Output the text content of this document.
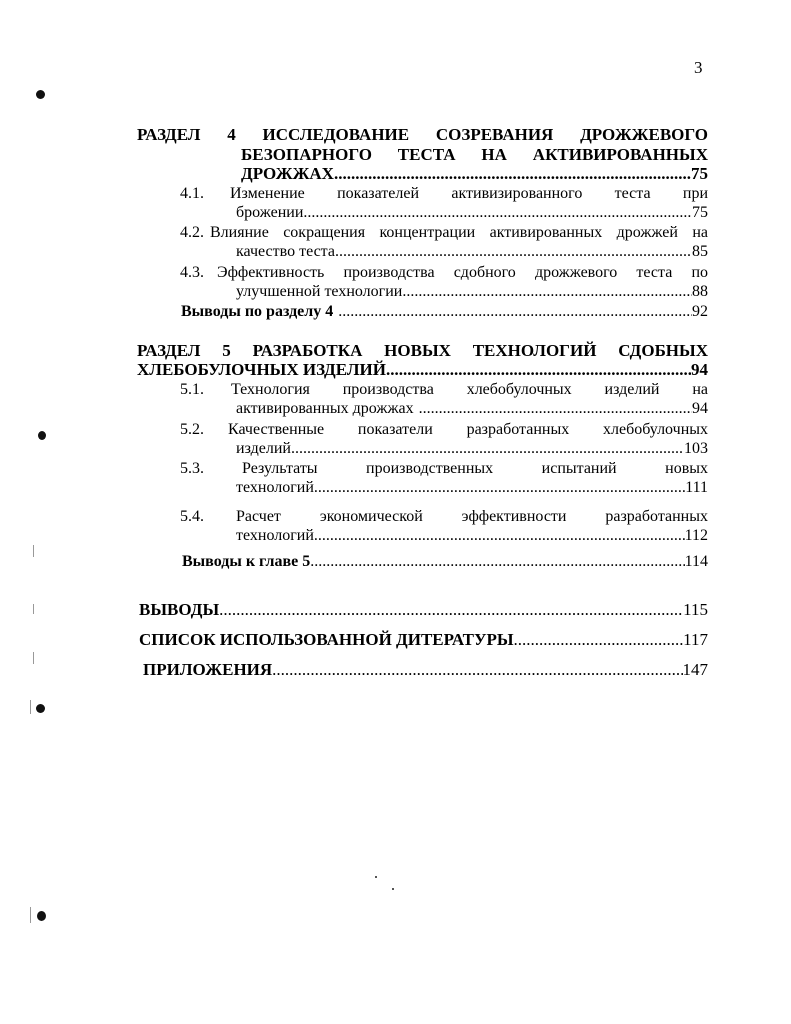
3
РАЗДЕЛ 4 ИССЛЕДОВАНИЕ СОЗРЕВАНИЯ ДРОЖЖЕВОГО
БЕЗОПАРНОГО ТЕСТА НА АКТИВИРОВАННЫХ
ДРОЖЖАХ .....	75
4.1. Изменение показателей активизированного теста при
брожении .....	75
4.2. Влияние сокращения концентрации активированных дрожжей на
качество теста .....	85
4.3. Эффективность производства сдобного дрожжевого теста по
улучшенной технологии .....	88
Выводы по разделу 4 .....	92
РАЗДЕЛ 5 РАЗРАБОТКА НОВЫХ ТЕХНОЛОГИЙ СДОБНЫХ
ХЛЕБОБУЛОЧНЫХ ИЗДЕЛИЙ .....	94
5.1. Технология производства хлебобулочных изделий на
активированных дрожжах .....	94
5.2. Качественные показатели разработанных хлебобулочных
изделий .....	103
5.3. Результаты производственных испытаний новых
технологий .....	111
5.4. Расчет экономической эффективности разработанных
технологий. .....	112
Выводы к главе 5 .....	114
ВЫВОДЫ .....	115
СПИСОК ИСПОЛЬЗОВАННОЙ ДИТЕРАТУРЫ .....	117
ПРИЛОЖЕНИЯ .....	147
